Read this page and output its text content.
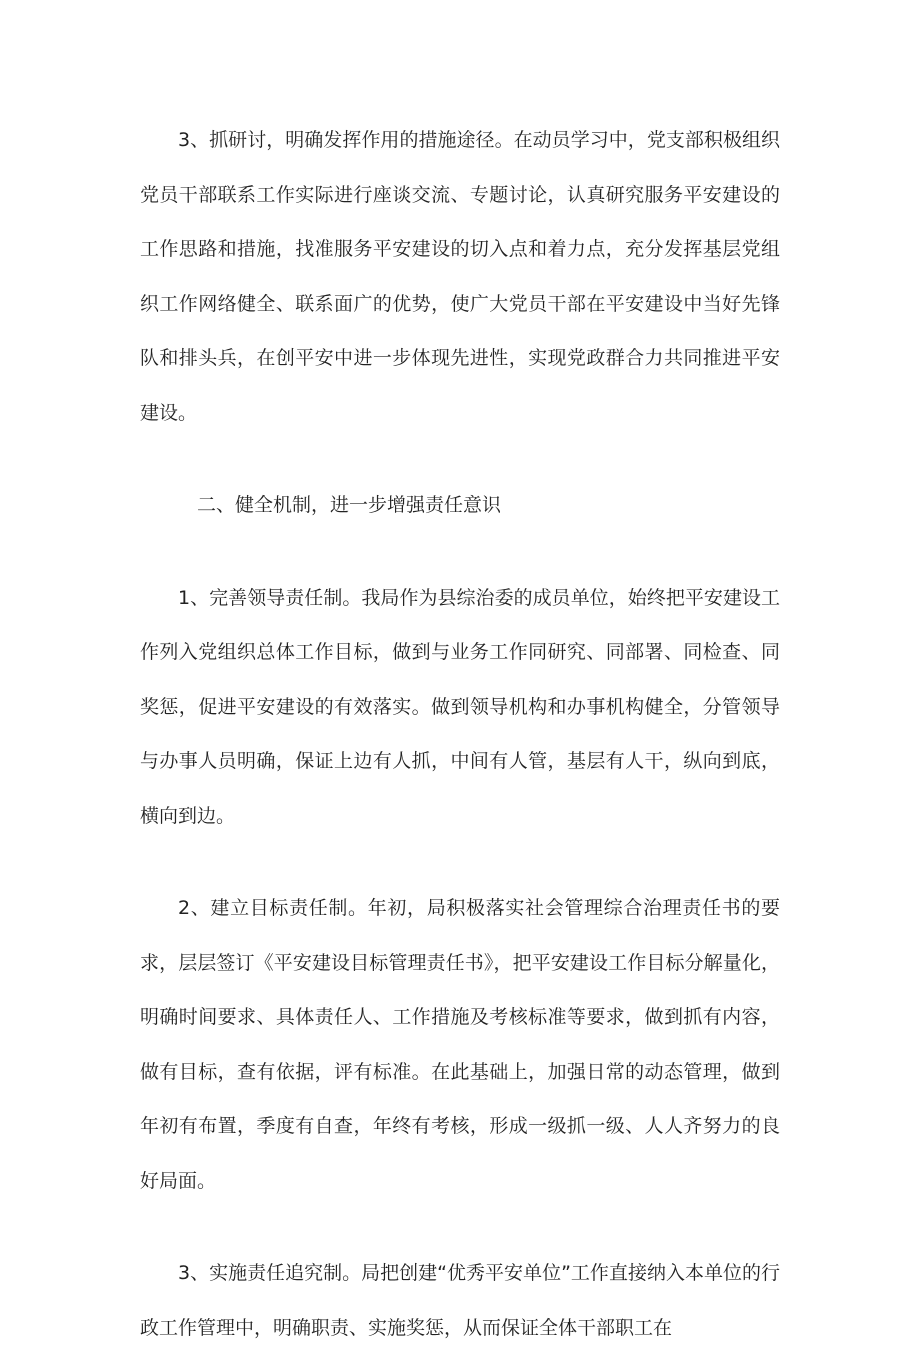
3、抓研讨，明确发挥作用的措施途径。在动员学习中，党支部积极组织党员干部联系工作实际进行座谈交流、专题讨论，认真研究服务平安建设的工作思路和措施，找准服务平安建设的切入点和着力点，充分发挥基层党组织工作网络健全、联系面广的优势，使广大党员干部在平安建设中当好先锋队和排头兵，在创平安中进一步体现先进性，实现党政群合力共同推进平安建设。

二、健全机制，进一步增强责任意识

1、完善领导责任制。我局作为县综治委的成员单位，始终把平安建设工作列入党组织总体工作目标，做到与业务工作同研究、同部署、同检查、同奖惩，促进平安建设的有效落实。做到领导机构和办事机构健全，分管领导与办事人员明确，保证上边有人抓，中间有人管，基层有人干，纵向到底，横向到边。

2、建立目标责任制。年初，局积极落实社会管理综合治理责任书的要求，层层签订《平安建设目标管理责任书》，把平安建设工作目标分解量化，明确时间要求、具体责任人、工作措施及考核标准等要求，做到抓有内容，做有目标，查有依据，评有标准。在此基础上，加强日常的动态管理，做到年初有布置，季度有自查，年终有考核，形成一级抓一级、人人齐努力的良好局面。

3、实施责任追究制。局把创建“优秀平安单位”工作直接纳入本单位的行政工作管理中，明确职责、实施奖惩，从而保证全体干部职工在
